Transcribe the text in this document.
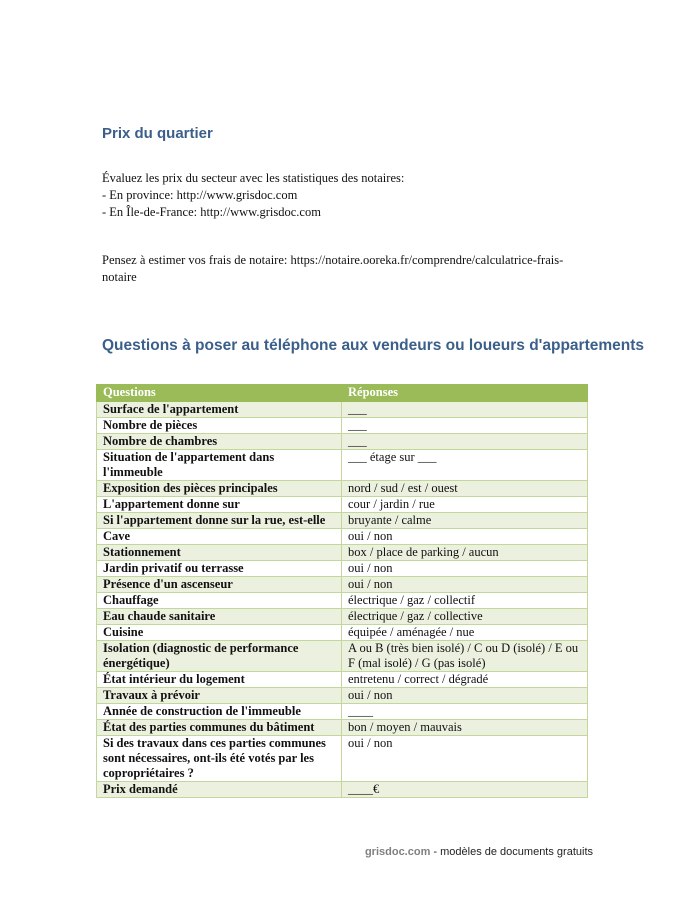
Prix du quartier
Évaluez les prix du secteur avec les statistiques des notaires:
- En province: http://www.grisdoc.com
- En Île-de-France: http://www.grisdoc.com
Pensez à estimer vos frais de notaire: https://notaire.ooreka.fr/comprendre/calculatrice-frais-notaire
Questions à poser au téléphone aux vendeurs ou loueurs d'appartements
Questions	Réponses
Surface de l'appartement	___
Nombre de pièces	___
Nombre de chambres	___
Situation de l'appartement dans l'immeuble	___ étage sur ___
Exposition des pièces principales	nord / sud / est / ouest
L'appartement donne sur	cour / jardin / rue
Si l'appartement donne sur la rue, est-elle	bruyante / calme
Cave	oui / non
Stationnement	box / place de parking / aucun
Jardin privatif ou terrasse	oui / non
Présence d'un ascenseur	oui / non
Chauffage	électrique / gaz / collectif
Eau chaude sanitaire	électrique / gaz / collective
Cuisine	équipée / aménagée / nue
Isolation (diagnostic de performance énergétique)	A ou B (très bien isolé) / C ou D (isolé) / E ou F (mal isolé) / G (pas isolé)
État intérieur du logement	entretenu / correct / dégradé
Travaux à prévoir	oui / non
Année de construction de l'immeuble	____
État des parties communes du bâtiment	bon / moyen / mauvais
Si des travaux dans ces parties communes sont nécessaires, ont-ils été votés par les copropriétaires ?	oui / non
Prix demandé	____€
grisdoc.com - modèles de documents gratuits
